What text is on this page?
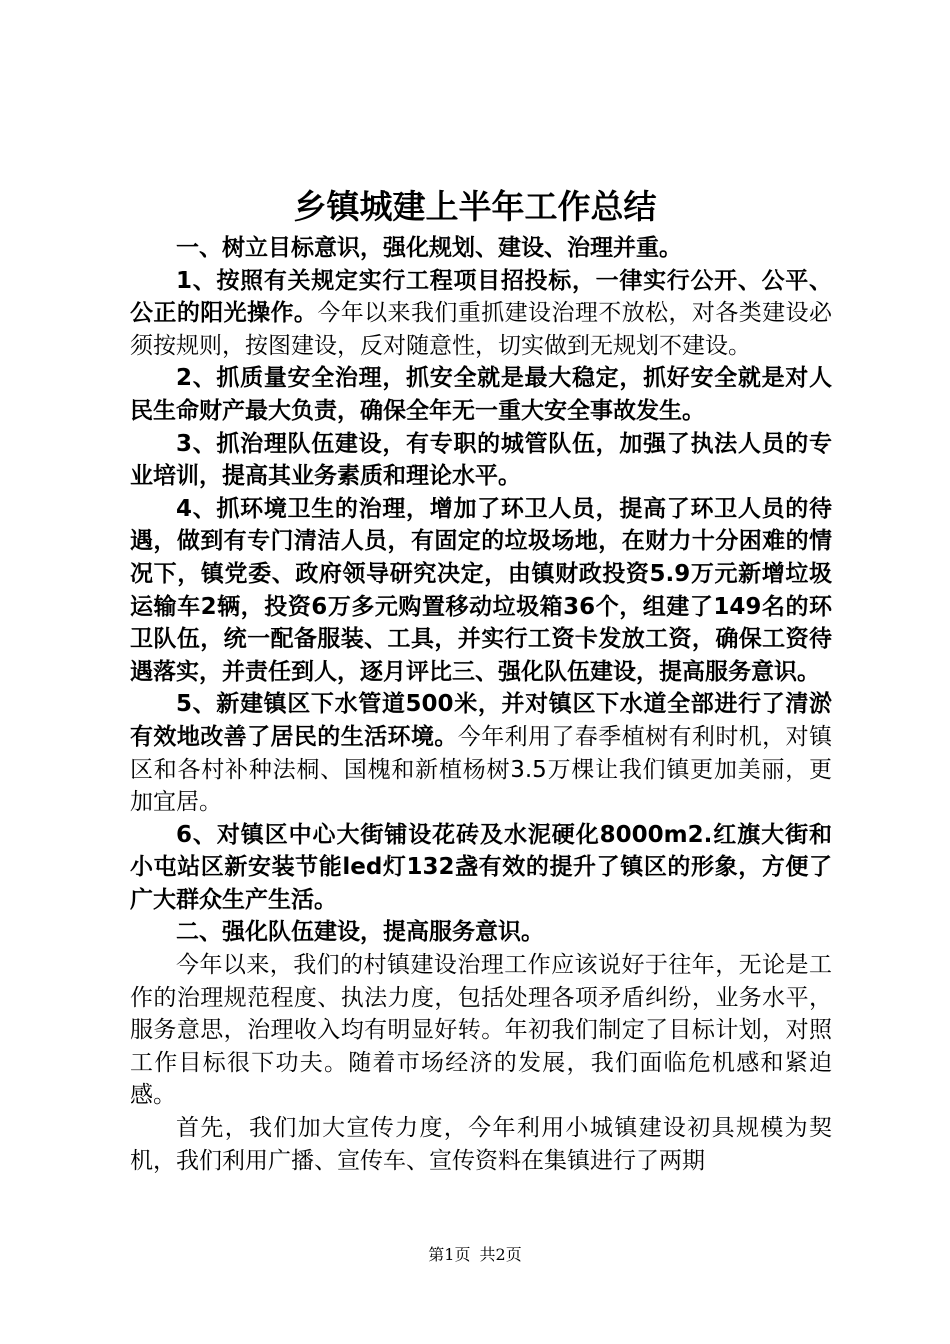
乡镇城建上半年工作总结

一、树立目标意识，强化规划、建设、治理并重。

1、按照有关规定实行工程项目招投标，一律实行公开、公平、公正的阳光操作。今年以来我们重抓建设治理不放松，对各类建设必须按规则，按图建设，反对随意性，切实做到无规划不建设。

2、抓质量安全治理，抓安全就是最大稳定，抓好安全就是对人民生命财产最大负责，确保全年无一重大安全事故发生。

3、抓治理队伍建设，有专职的城管队伍，加强了执法人员的专业培训，提高其业务素质和理论水平。

4、抓环境卫生的治理，增加了环卫人员，提高了环卫人员的待遇，做到有专门清洁人员，有固定的垃圾场地，在财力十分困难的情况下，镇党委、政府领导研究决定，由镇财政投资5.9万元新增垃圾运输车2辆，投资6万多元购置移动垃圾箱36个，组建了149名的环卫队伍，统一配备服装、工具，并实行工资卡发放工资，确保工资待遇落实，并责任到人，逐月评比三、强化队伍建设，提高服务意识。

5、新建镇区下水管道500米，并对镇区下水道全部进行了清淤有效地改善了居民的生活环境。今年利用了春季植树有利时机，对镇区和各村补种法桐、国槐和新植杨树3.5万棵让我们镇更加美丽，更加宜居。

6、对镇区中心大街铺设花砖及水泥硬化8000m2.红旗大街和小屯站区新安装节能led灯132盏有效的提升了镇区的形象，方便了广大群众生产生活。

二、强化队伍建设，提高服务意识。

今年以来，我们的村镇建设治理工作应该说好于往年，无论是工作的治理规范程度、执法力度，包括处理各项矛盾纠纷，业务水平，服务意思，治理收入均有明显好转。年初我们制定了目标计划，对照工作目标很下功夫。随着市场经济的发展，我们面临危机感和紧迫感。

首先，我们加大宣传力度，今年利用小城镇建设初具规模为契机，我们利用广播、宣传车、宣传资料在集镇进行了两期

第1页 共2页
